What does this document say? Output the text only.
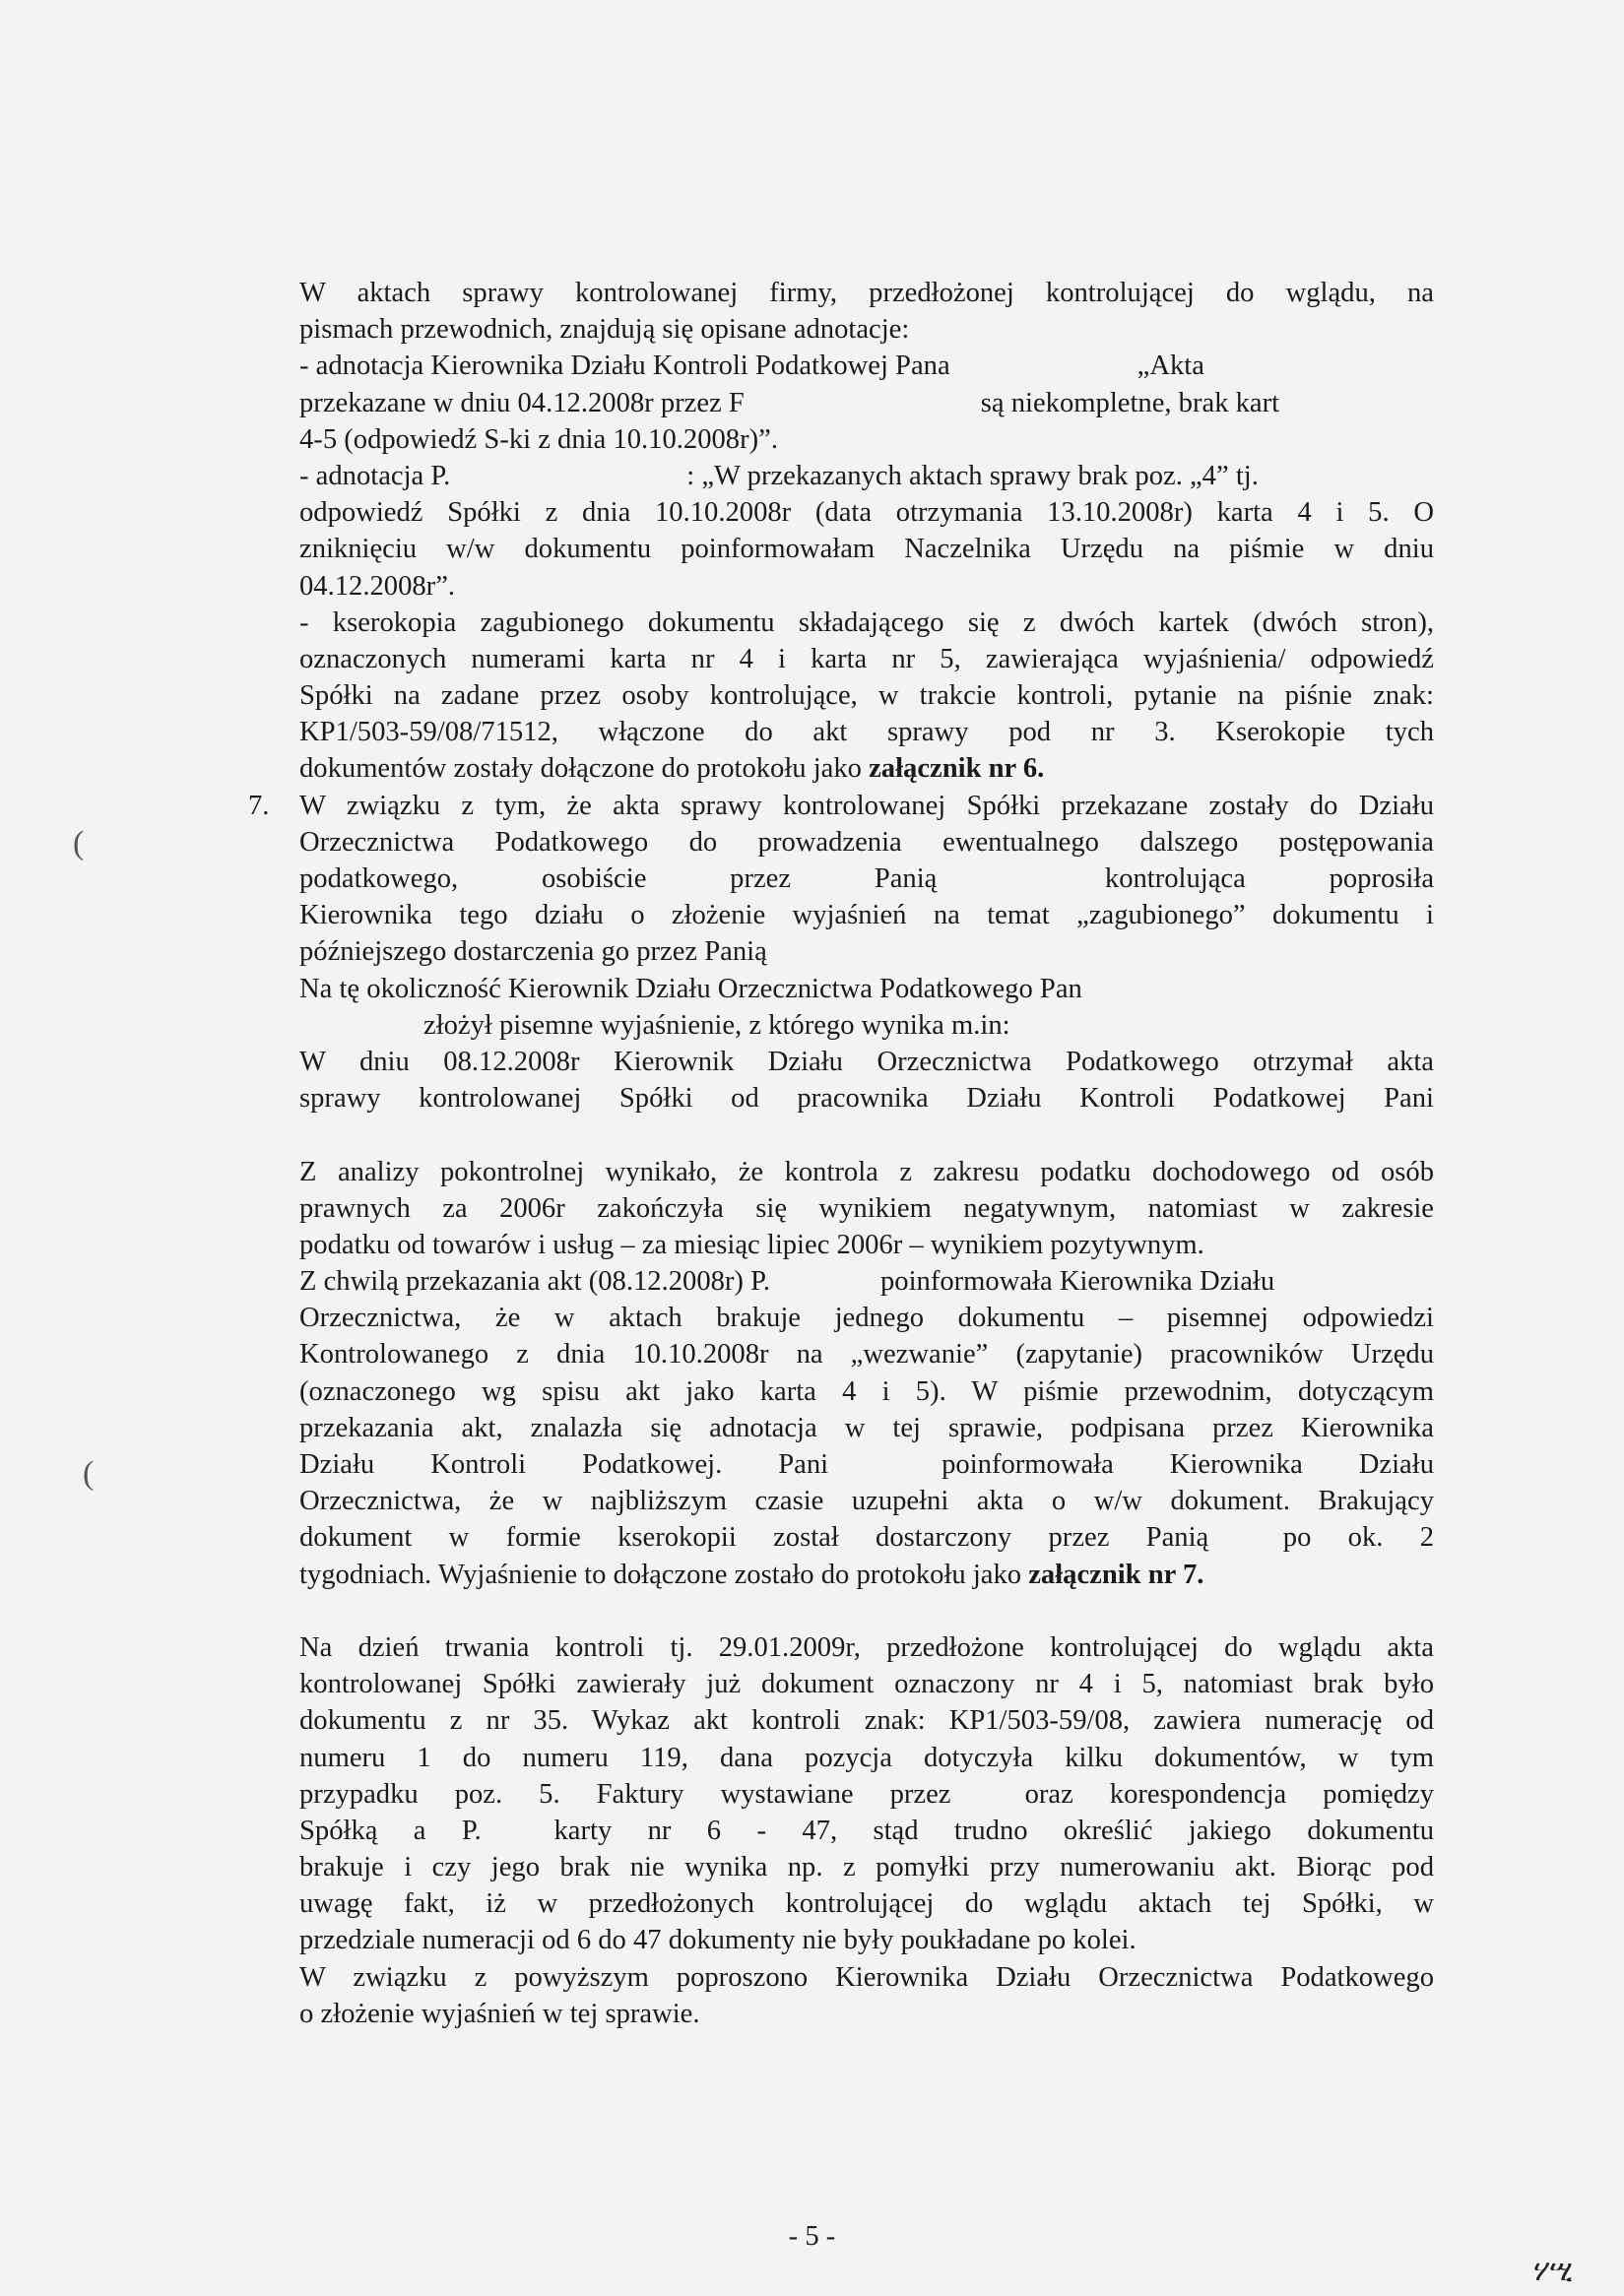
W aktach sprawy kontrolowanej firmy, przedłożonej kontrolującej do wglądu, na
pismach przewodnich, znajdują się opisane adnotacje:
- adnotacja Kierownika Działu Kontroli Podatkowej Pana	„Akta
przekazane w dniu 04.12.2008r przez F	są niekompletne, brak kart
4-5 (odpowiedź S-ki z dnia 10.10.2008r)”.
- adnotacja P.	: „W przekazanych aktach sprawy brak poz. „4” tj.
odpowiedź Spółki z dnia 10.10.2008r (data otrzymania 13.10.2008r) karta 4 i 5. O
zniknięciu w/w dokumentu poinformowałam Naczelnika Urzędu na piśmie w dniu
04.12.2008r”.
- kserokopia zagubionego dokumentu składającego się z dwóch kartek (dwóch stron),
oznaczonych numerami karta nr 4 i karta nr 5, zawierająca wyjaśnienia/ odpowiedź
Spółki na zadane przez osoby kontrolujące, w trakcie kontroli, pytanie na piśnie znak:
KP1/503-59/08/71512, włączone do akt sprawy pod nr 3. Kserokopie tych
dokumentów zostały dołączone do protokołu jako załącznik nr 6.
7. W związku z tym, że akta sprawy kontrolowanej Spółki przekazane zostały do Działu
Orzecznictwa Podatkowego do prowadzenia ewentualnego dalszego postępowania
podatkowego, osobiście przez Panią	kontrolująca poprosiła
Kierownika tego działu o złożenie wyjaśnień na temat „zagubionego” dokumentu i
późniejszego dostarczenia go przez Panią
Na tę okoliczność Kierownik Działu Orzecznictwa Podatkowego Pan
złożył pisemne wyjaśnienie, z którego wynika m.in:
W dniu 08.12.2008r Kierownik Działu Orzecznictwa Podatkowego otrzymał akta
sprawy kontrolowanej Spółki od pracownika Działu Kontroli Podatkowej Pani
Z analizy pokontrolnej wynikało, że kontrola z zakresu podatku dochodowego od osób
prawnych za 2006r zakończyła się wynikiem negatywnym, natomiast w zakresie
podatku od towarów i usług – za miesiąc lipiec 2006r – wynikiem pozytywnym.
Z chwilą przekazania akt (08.12.2008r) P.	poinformowała Kierownika Działu
Orzecznictwa, że w aktach brakuje jednego dokumentu – pisemnej odpowiedzi
Kontrolowanego z dnia 10.10.2008r na „wezwanie” (zapytanie) pracowników Urzędu
(oznaczonego wg spisu akt jako karta 4 i 5). W piśmie przewodnim, dotyczącym
przekazania akt, znalazła się adnotacja w tej sprawie, podpisana przez Kierownika
Działu Kontroli Podatkowej. Pani	poinformowała Kierownika Działu
Orzecznictwa, że w najbliższym czasie uzupełni akta o w/w dokument. Brakujący
dokument w formie kserokopii został dostarczony przez Panią	po ok. 2
tygodniach. Wyjaśnienie to dołączone zostało do protokołu jako załącznik nr 7.
Na dzień trwania kontroli tj. 29.01.2009r, przedłożone kontrolującej do wglądu akta
kontrolowanej Spółki zawierały już dokument oznaczony nr 4 i 5, natomiast brak było
dokumentu z nr 35. Wykaz akt kontroli znak: KP1/503-59/08, zawiera numerację od
numeru 1 do numeru 119, dana pozycja dotyczyła kilku dokumentów, w tym
przypadku poz. 5. Faktury wystawiane przez	oraz korespondencja pomiędzy
Spółką a P.	karty nr 6 - 47, stąd trudno określić jakiego dokumentu
brakuje i czy jego brak nie wynika np. z pomyłki przy numerowaniu akt. Biorąc pod
uwagę fakt, iż w przedłożonych kontrolującej do wglądu aktach tej Spółki, w
przedziale numeracji od 6 do 47 dokumenty nie były poukładane po kolei.
W związku z powyższym poproszono Kierownika Działu Orzecznictwa Podatkowego
o złożenie wyjaśnień w tej sprawie.
(
(
- 5 -
ሃሢ
